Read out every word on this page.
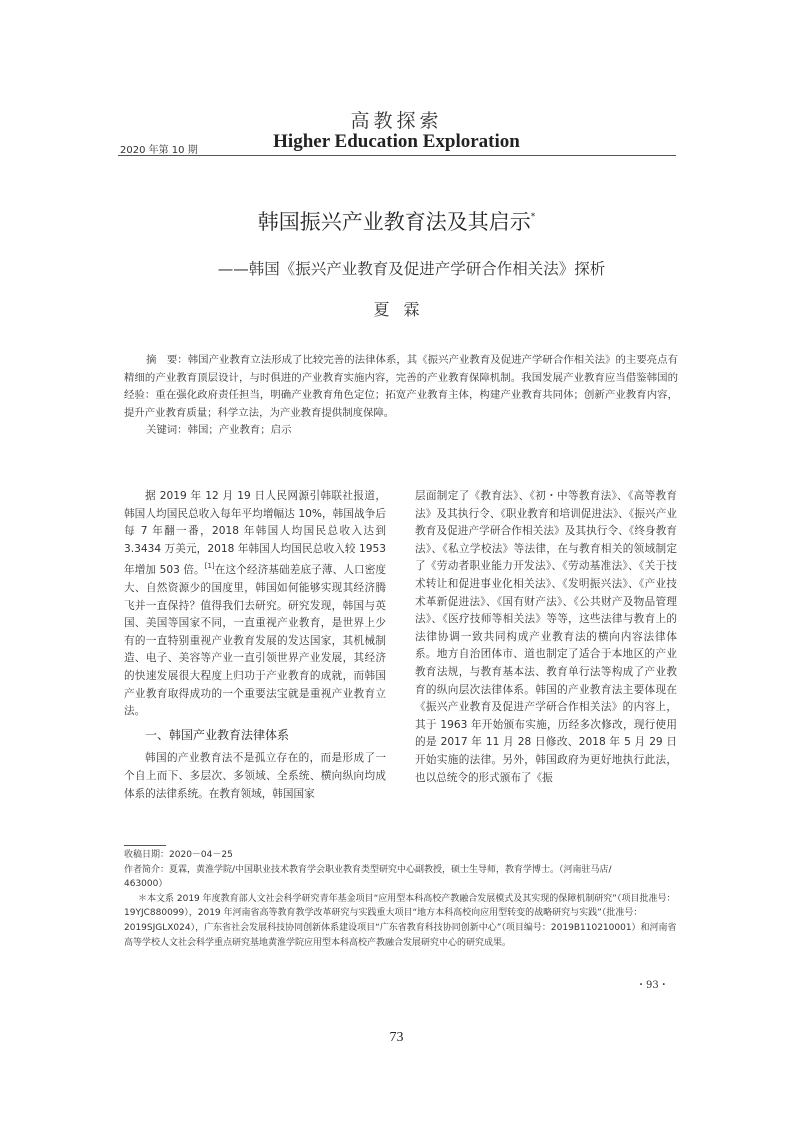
高教探索
Higher Education Exploration
2020 年第 10 期
韩国振兴产业教育法及其启示*
——韩国《振兴产业教育及促进产学研合作相关法》探析
夏霖

摘　要：韩国产业教育立法形成了比较完善的法律体系，其《振兴产业教育及促进产学研合作相关法》的主要亮点有精细的产业教育顶层设计，与时俱进的产业教育实施内容，完善的产业教育保障机制。我国发展产业教育应当借鉴韩国的经验：重在强化政府责任担当，明确产业教育角色定位；拓宽产业教育主体，构建产业教育共同体；创新产业教育内容，提升产业教育质量；科学立法，为产业教育提供制度保障。

关键词：韩国；产业教育；启示

据 2019 年 12 月 19 日人民网源引韩联社报道，韩国人均国民总收入每年平均增幅达 10%，韩国战争后每 7 年翻一番，2018 年韩国人均国民总收入达到 3.3434 万美元，2018 年韩国人均国民总收入较 1953 年增加 503 倍。[1]在这个经济基础差底子薄、人口密度大、自然资源少的国度里，韩国如何能够实现其经济腾飞并一直保持？值得我们去研究。研究发现，韩国与英国、美国等国家不同，一直重视产业教育，是世界上少有的一直特别重视产业教育发展的发达国家，其机械制造、电子、美容等产业一直引领世界产业发展，其经济的快速发展很大程度上归功于产业教育的成就，而韩国产业教育取得成功的一个重要法宝就是重视产业教育立法。

一、韩国产业教育法律体系

韩国的产业教育法不是孤立存在的，而是形成了一个自上而下、多层次、多领域、全系统、横向纵向均成体系的法律系统。在教育领域，韩国国家

层面制定了《教育法》、《初・中等教育法》、《高等教育法》及其执行令、《职业教育和培训促进法》、《振兴产业教育及促进产学研合作相关法》及其执行令、《终身教育法》、《私立学校法》等法律，在与教育相关的领域制定了《劳动者职业能力开发法》、《劳动基准法》、《关于技术转让和促进事业化相关法》、《发明振兴法》、《产业技术革新促进法》、《国有财产法》、《公共财产及物品管理法》、《医疗技师等相关法》等等，这些法律与教育上的法律协调一致共同构成产业教育法的横向内容法律体系。地方自治团体市、道也制定了适合于本地区的产业教育法规，与教育基本法、教育单行法等构成了产业教育的纵向层次法律体系。韩国的产业教育法主要体现在《振兴产业教育及促进产学研合作相关法》的内容上，其于 1963 年开始颁布实施，历经多次修改，现行使用的是 2017 年 11 月 28 日修改、2018 年 5 月 29 日开始实施的法律。另外，韩国政府为更好地执行此法，也以总统令的形式颁布了《振

收稿日期：2020－04－25

作者简介：夏霖，黄淮学院/中国职业技术教育学会职业教育类型研究中心副教授，硕士生导师，教育学博士。（河南驻马店/

463000）

＊本文系 2019 年度教育部人文社会科学研究青年基金项目“应用型本科高校产教融合发展模式及其实现的保障机制研究”（项目批准号：19YJC880099），2019 年河南省高等教育教学改革研究与实践重大项目“地方本科高校向应用型转变的战略研究与实践”（批准号：2019SJGLX024），广东省社会发展科技协同创新体系建设项目“广东省教育科技协同创新中心”（项目编号：2019B110210001）和河南省高等学校人文社会科学重点研究基地黄淮学院应用型本科高校产教融合发展研究中心的研究成果。

・93・
73
